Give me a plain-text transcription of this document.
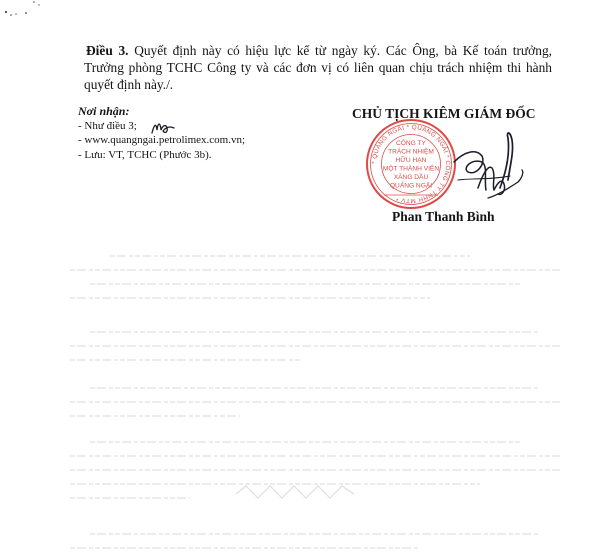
Điều 3. Quyết định này có hiệu lực kể từ ngày ký. Các Ông, bà Kế toán trưởng, Trưởng phòng TCHC Công ty và các đơn vị có liên quan chịu trách nhiệm thi hành quyết định này./.
Nơi nhận:
- Như điều 3;
- www.quangngai.petrolimex.com.vn;
- Lưu: VT, TCHC (Phước 3b).
CHỦ TỊCH KIÊM GIÁM ĐỐC
* QUẢNG NGÃI * QUẢNG NGÃI * CÔNG TY TNHH MTV *
CÔNG TY
TRÁCH NHIỆM
HỮU HẠN
MỘT THÀNH VIÊN
XĂNG DẦU
QUẢNG NGÃI
Phan Thanh Bình
